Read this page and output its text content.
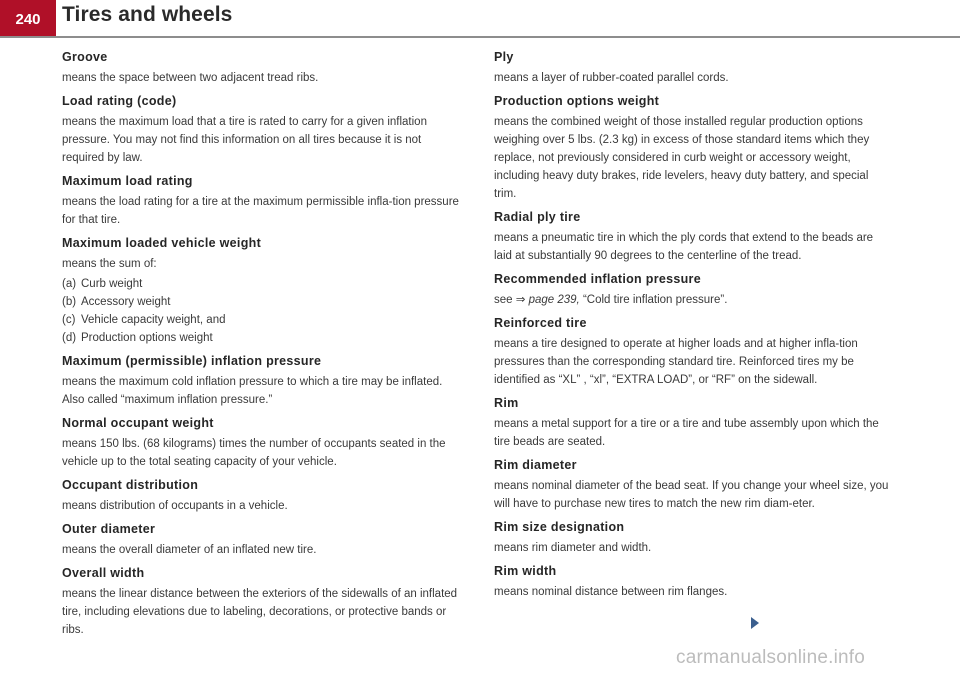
240 Tires and wheels
Groove

means the space between two adjacent tread ribs.

Load rating (code)

means the maximum load that a tire is rated to carry for a given inflation pressure. You may not find this information on all tires because it is not required by law.

Maximum load rating

means the load rating for a tire at the maximum permissible infla-tion pressure for that tire.

Maximum loaded vehicle weight

means the sum of:

(a) Curb weight
(b) Accessory weight
(c) Vehicle capacity weight, and
(d) Production options weight
Maximum (permissible) inflation pressure

means the maximum cold inflation pressure to which a tire may be inflated. Also called “maximum inflation pressure.”

Normal occupant weight

means 150 lbs. (68 kilograms) times the number of occupants seated in the vehicle up to the total seating capacity of your vehicle.

Occupant distribution

means distribution of occupants in a vehicle.

Outer diameter

means the overall diameter of an inflated new tire.

Overall width

means the linear distance between the exteriors of the sidewalls of an inflated tire, including elevations due to labeling, decorations, or protective bands or ribs.

Ply

means a layer of rubber-coated parallel cords.

Production options weight

means the combined weight of those installed regular production options weighing over 5 lbs. (2.3 kg) in excess of those standard items which they replace, not previously considered in curb weight or accessory weight, including heavy duty brakes, ride levelers, heavy duty battery, and special trim.

Radial ply tire

means a pneumatic tire in which the ply cords that extend to the beads are laid at substantially 90 degrees to the centerline of the tread.

Recommended inflation pressure

see ⇒ page 239, “Cold tire inflation pressure”.

Reinforced tire

means a tire designed to operate at higher loads and at higher infla-tion pressures than the corresponding standard tire. Reinforced tires my be identified as “XL” , “xl”, “EXTRA LOAD”, or “RF” on the sidewall.

Rim

means a metal support for a tire or a tire and tube assembly upon which the tire beads are seated.

Rim diameter

means nominal diameter of the bead seat. If you change your wheel size, you will have to purchase new tires to match the new rim diam-eter.

Rim size designation

means rim diameter and width.

Rim width

means nominal distance between rim flanges.

carmanualsonline.info
